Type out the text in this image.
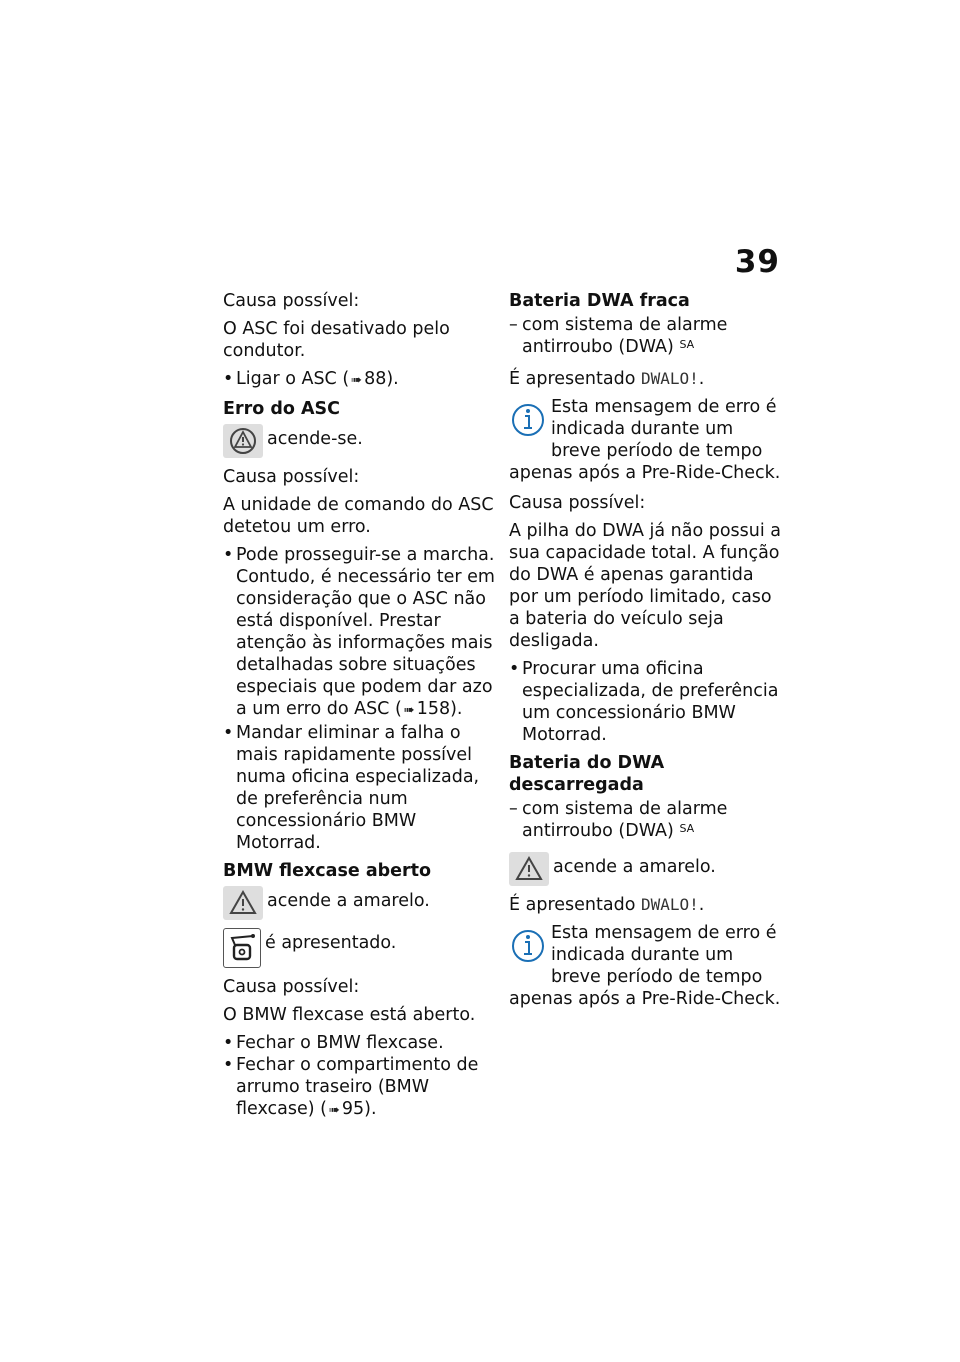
39

Causa possível:

O ASC foi desativado pelo condutor.

• Ligar o ASC ( ➠ 88).
Erro do ASC
acende-se.

Causa possível:

A unidade de comando do ASC detetou um erro.

• Pode prosseguir-se a marcha. Contudo, é necessário ter em consideração que o ASC não está disponível. Prestar atenção às informações mais detalhadas sobre situações especiais que podem dar azo a um erro do ASC ( ➠ 158).
• Mandar eliminar a falha o mais rapidamente possível numa oficina especializada, de preferência num concessionário BMW Motorrad.
BMW flexcase aberto
acende a amarelo.
é apresentado.

Causa possível:

O BMW flexcase está aberto.

• Fechar o BMW flexcase.
• Fechar o compartimento de arrumo traseiro (BMW flexcase) ( ➠ 95).
Bateria DWA fraca
– com sistema de alarme antirroubo (DWA) $^{SA}$

É apresentado DWALO!.

Esta mensagem de erro é indicada durante um breve período de tempo apenas após a Pre-Ride-Check.

Causa possível:

A pilha do DWA já não possui a sua capacidade total. A função do DWA é apenas garantida por um período limitado, caso a bateria do veículo seja desligada.

• Procurar uma oficina especializada, de preferência um concessionário BMW Motorrad.
Bateria do DWA descarregada
– com sistema de alarme antirroubo (DWA) $^{SA}$
acende a amarelo.

É apresentado DWALO!.

Esta mensagem de erro é indicada durante um breve período de tempo apenas após a Pre-Ride-Check.
